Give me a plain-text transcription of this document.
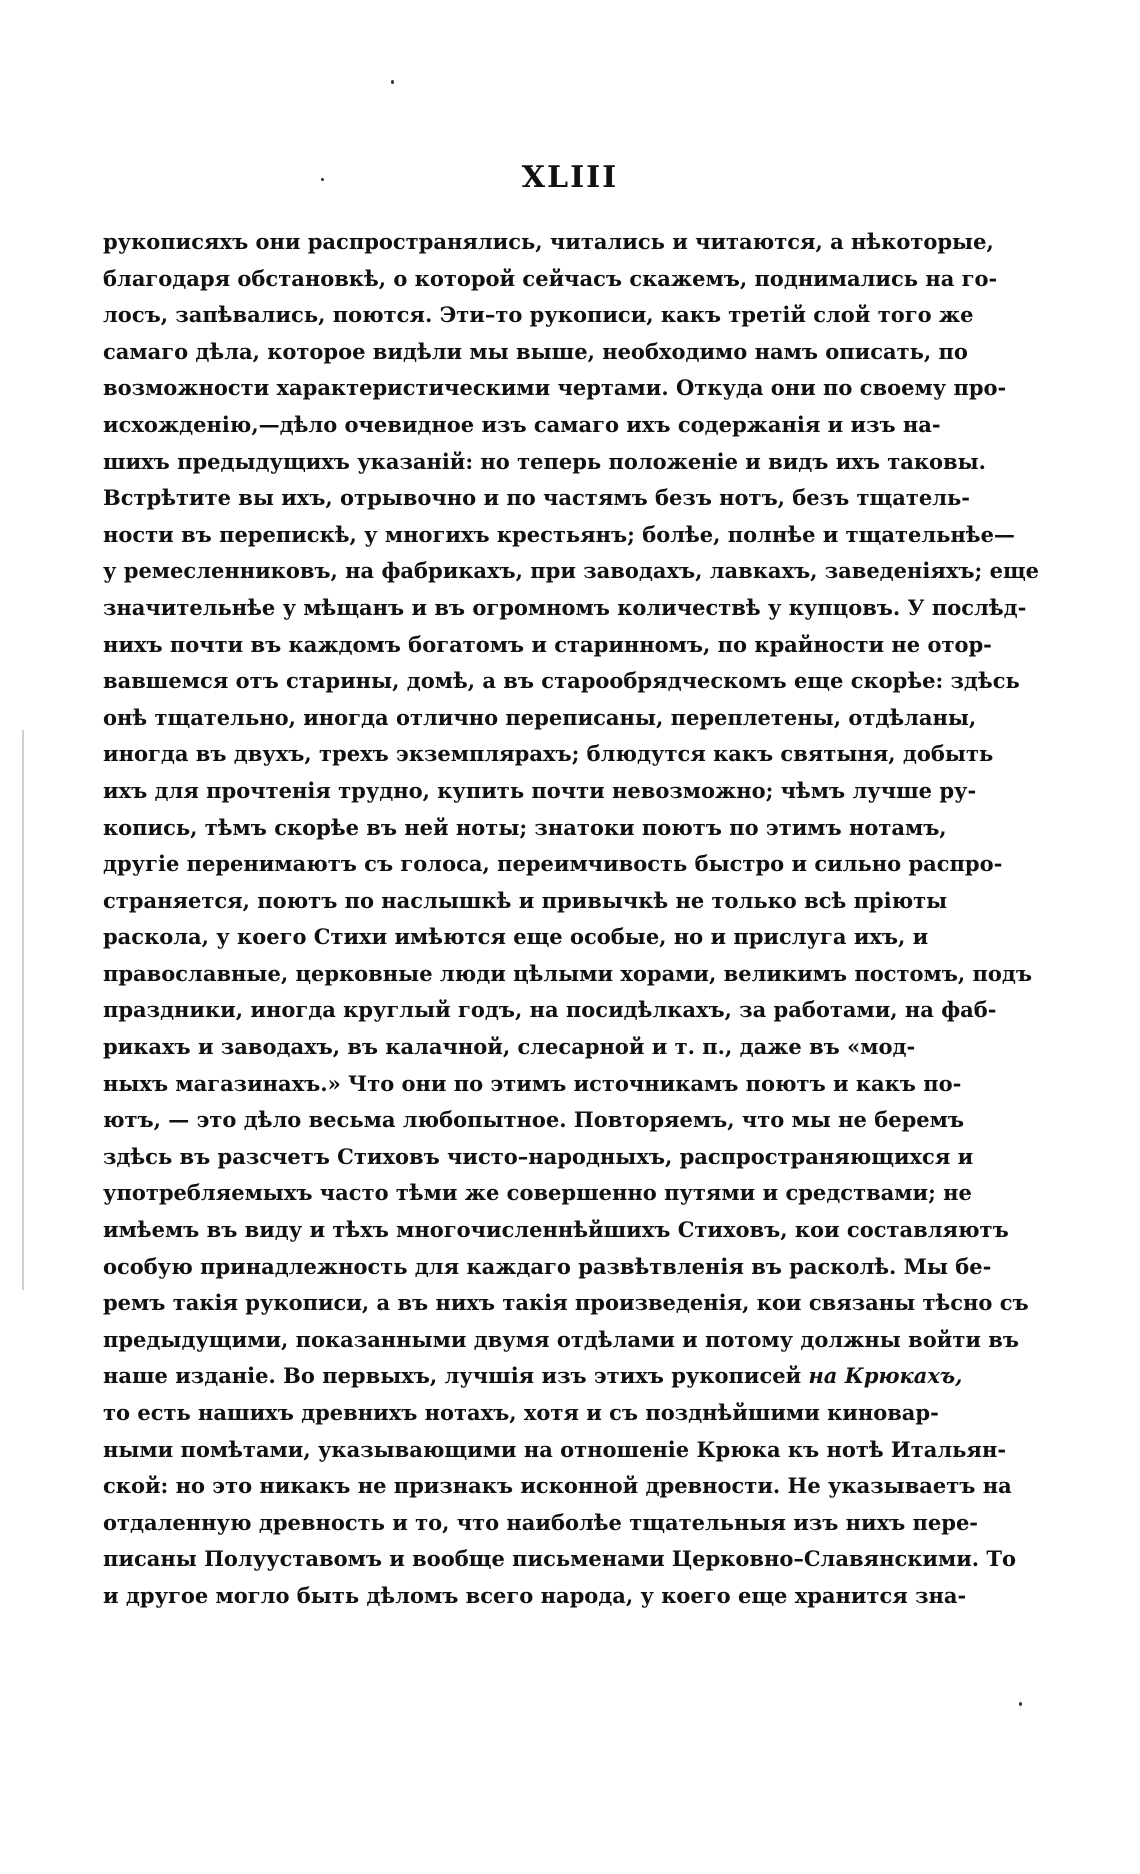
XLIII
рукописяхъ они распространялись, читались и читаются, а нѣкоторые,
благодаря обстановкѣ, о которой сейчасъ скажемъ, поднимались на го-
лосъ, запѣвались, поются. Эти–то рукописи, какъ третій слой того же
самаго дѣла, которое видѣли мы выше, необходимо намъ описать, по
возможности характеристическими чертами. Откуда они по своему про-
исхожденію,—дѣло очевидное изъ самаго ихъ содержанія и изъ на-
шихъ предыдущихъ указаній: но теперь положеніе и видъ ихъ таковы.
Встрѣтите вы ихъ, отрывочно и по частямъ безъ нотъ, безъ тщатель-
ности въ перепискѣ, у многихъ крестьянъ; болѣе, полнѣе и тщательнѣе—
у ремесленниковъ, на фабрикахъ, при заводахъ, лавкахъ, заведеніяхъ; еще
значительнѣе у мѣщанъ и въ огромномъ количествѣ у купцовъ. У послѣд-
нихъ почти въ каждомъ богатомъ и старинномъ, по крайности не отор-
вавшемся отъ старины, домѣ, а въ старообрядческомъ еще скорѣе: здѣсь
онѣ тщательно, иногда отлично переписаны, переплетены, отдѣланы,
иногда въ двухъ, трехъ экземплярахъ; блюдутся какъ святыня, добыть
ихъ для прочтенія трудно, купить почти невозможно; чѣмъ лучше ру-
копись, тѣмъ скорѣе въ ней ноты; знатоки поютъ по этимъ нотамъ,
другіе перенимаютъ съ голоса, переимчивость быстро и сильно распро-
страняется, поютъ по наслышкѣ и привычкѣ не только всѣ пріюты
раскола, у коего Стихи имѣются еще особые, но и прислуга ихъ, и
православные, церковные люди цѣлыми хорами, великимъ постомъ, подъ
праздники, иногда круглый годъ, на посидѣлкахъ, за работами, на фаб-
рикахъ и заводахъ, въ калачной, слесарной и т. п., даже въ «мод-
ныхъ магазинахъ.» Что они по этимъ источникамъ поютъ и какъ по-
ютъ, — это дѣло весьма любопытное. Повторяемъ, что мы не беремъ
здѣсь въ разсчетъ Стиховъ чисто–народныхъ, распространяющихся и
употребляемыхъ часто тѣми же совершенно путями и средствами; не
имѣемъ въ виду и тѣхъ многочисленнѣйшихъ Стиховъ, кои составляютъ
особую принадлежность для каждаго развѣтвленія въ расколѣ. Мы бе-
ремъ такія рукописи, а въ нихъ такія произведенія, кои связаны тѣсно съ
предыдущими, показанными двумя отдѣлами и потому должны войти въ
наше изданіе. Во первыхъ, лучшія изъ этихъ рукописей на Крюкахъ,
то есть нашихъ древнихъ нотахъ, хотя и съ позднѣйшими киновар-
ными помѣтами, указывающими на отношеніе Крюка къ нотѣ Итальян-
ской: но это никакъ не признакъ исконной древности. Не указываетъ на
отдаленную древность и то, что наиболѣе тщательныя изъ нихъ пере-
писаны Полууставомъ и вообще письменами Церковно–Славянскими. То
и другое могло быть дѣломъ всего народа, у коего еще хранится зна-
